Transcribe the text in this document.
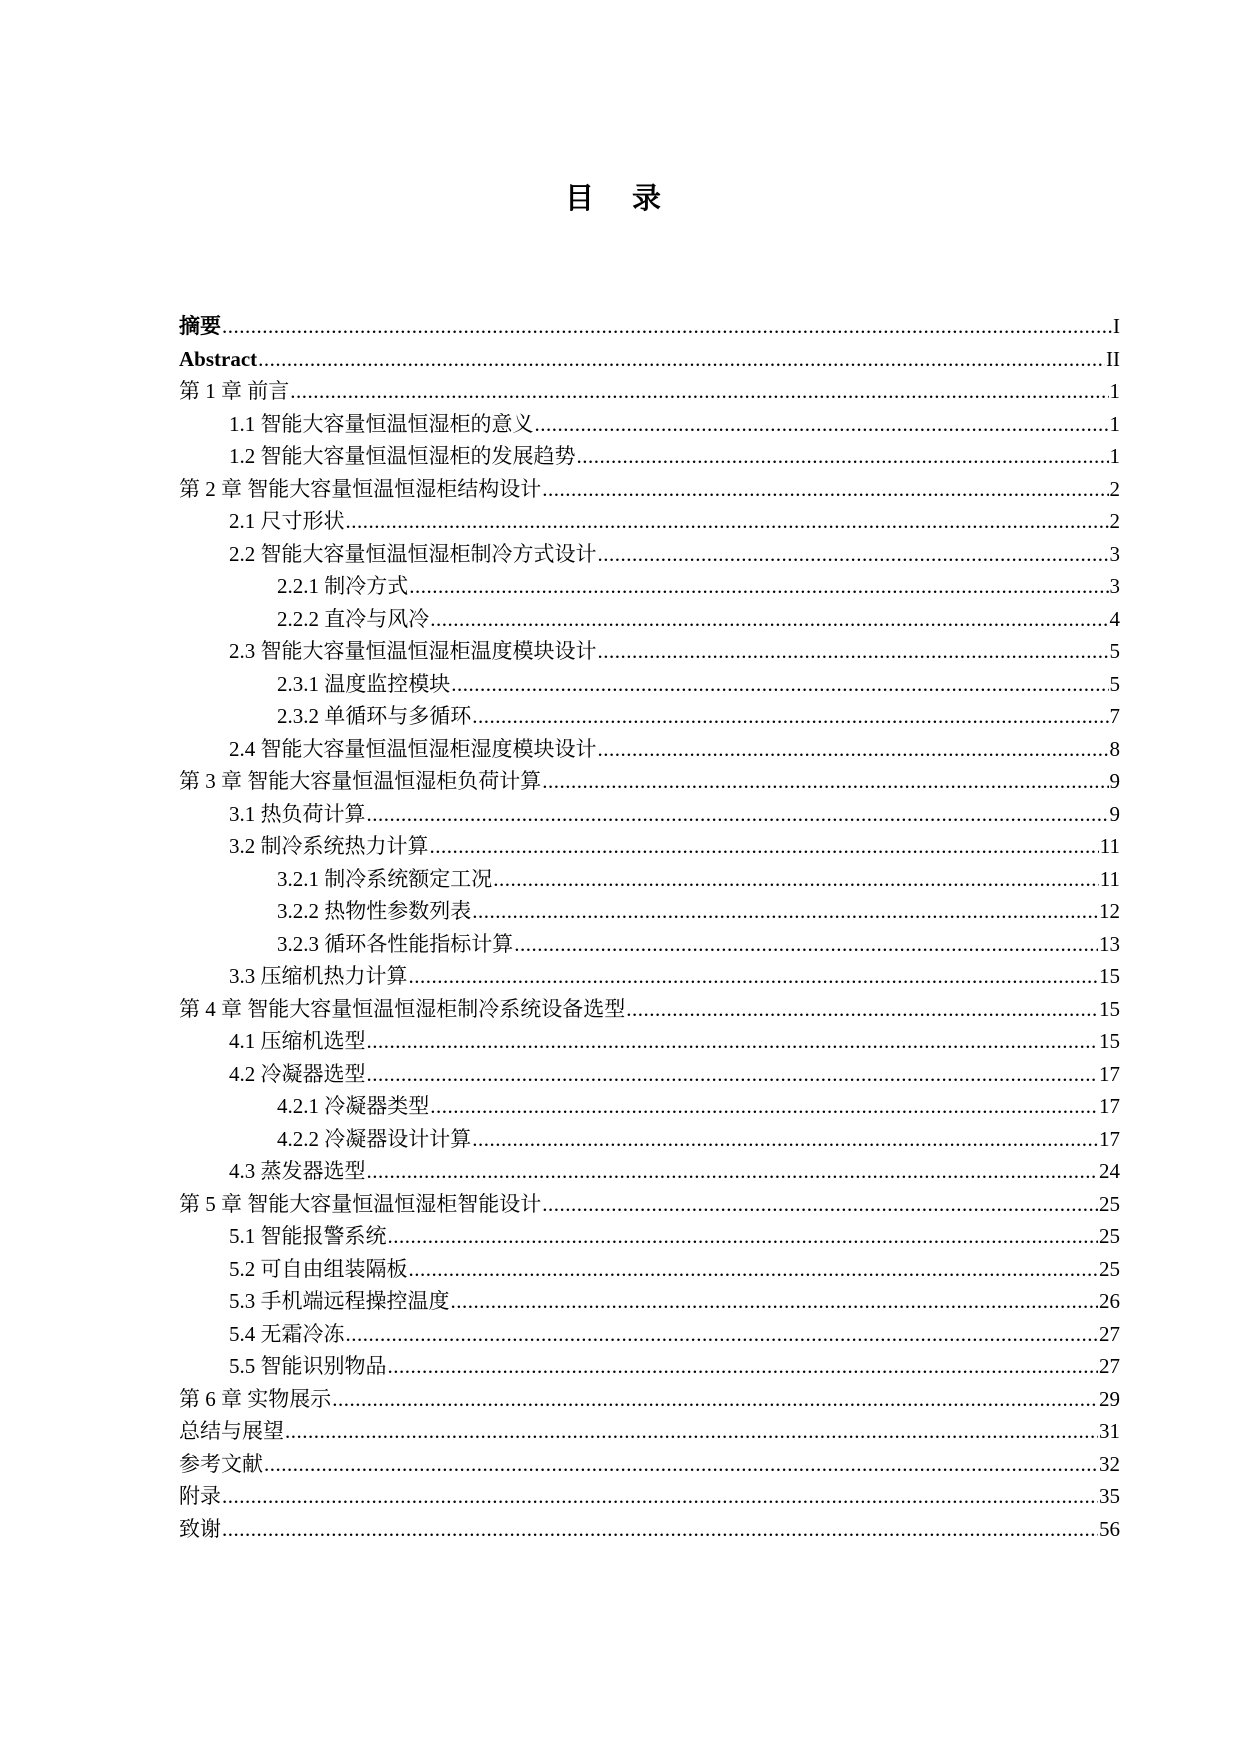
目 录
摘要 .....	I
Abstract .....	II
第 1 章 前言 .....	1
1.1 智能大容量恒温恒湿柜的意义 .....	1
1.2 智能大容量恒温恒湿柜的发展趋势 .....	1
第 2 章 智能大容量恒温恒湿柜结构设计 .....	2
2.1 尺寸形状 .....	2
2.2 智能大容量恒温恒湿柜制冷方式设计 .....	3
2.2.1 制冷方式 .....	3
2.2.2 直冷与风冷 .....	4
2.3 智能大容量恒温恒湿柜温度模块设计 .....	5
2.3.1 温度监控模块 .....	5
2.3.2 单循环与多循环 .....	7
2.4 智能大容量恒温恒湿柜湿度模块设计 .....	8
第 3 章 智能大容量恒温恒湿柜负荷计算 .....	9
3.1 热负荷计算 .....	9
3.2 制冷系统热力计算 .....	11
3.2.1 制冷系统额定工况 .....	11
3.2.2 热物性参数列表 .....	12
3.2.3 循环各性能指标计算 .....	13
3.3 压缩机热力计算 .....	15
第 4 章 智能大容量恒温恒湿柜制冷系统设备选型 .....	15
4.1 压缩机选型 .....	15
4.2 冷凝器选型 .....	17
4.2.1 冷凝器类型 .....	17
4.2.2 冷凝器设计计算 .....	17
4.3 蒸发器选型 .....	24
第 5 章 智能大容量恒温恒湿柜智能设计 .....	25
5.1 智能报警系统 .....	25
5.2 可自由组装隔板 .....	25
5.3 手机端远程操控温度 .....	26
5.4 无霜冷冻 .....	27
5.5 智能识别物品 .....	27
第 6 章 实物展示 .....	29
总结与展望 .....	31
参考文献 .....	32
附录 .....	35
致谢 .....	56
